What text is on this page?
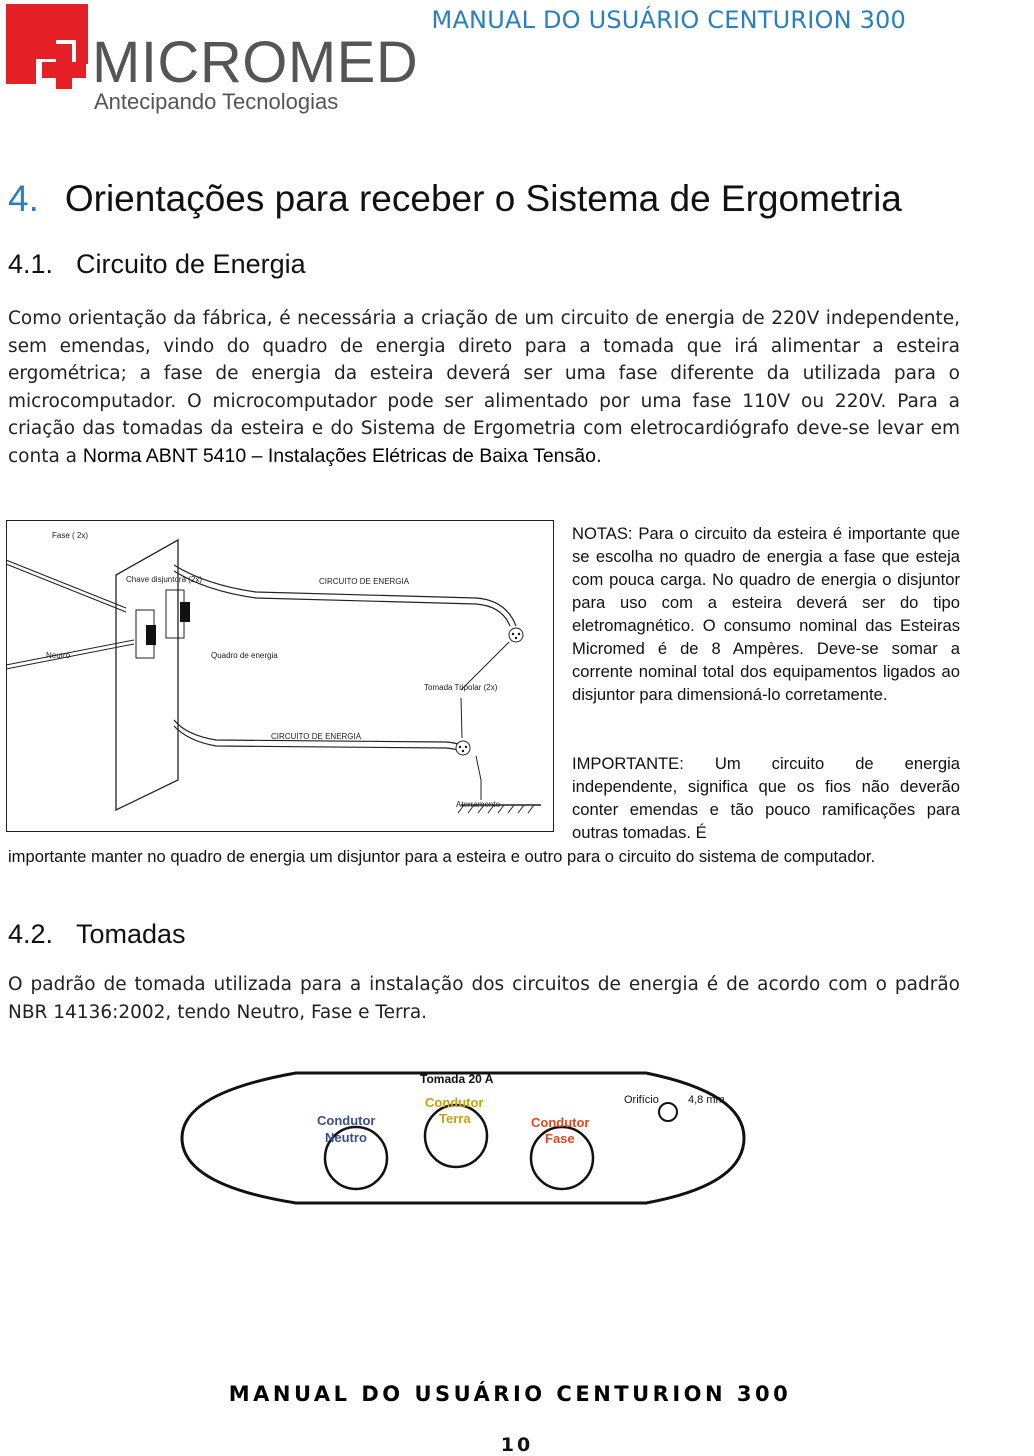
MICROMED
Antecipando Tecnologias
MANUAL DO USUÁRIO CENTURION 300
4. Orientações para receber o Sistema de Ergometria
4.1. Circuito de Energia
Como orientação da fábrica, é necessária a criação de um circuito de energia de 220V independente, sem emendas, vindo do quadro de energia direto para a tomada que irá alimentar a esteira ergométrica; a fase de energia da esteira deverá ser uma fase diferente da utilizada para o microcomputador. O microcomputador pode ser alimentado por uma fase 110V ou 220V. Para a criação das tomadas da esteira e do Sistema de Ergometria com eletrocardiógrafo deve-se levar em conta a Norma ABNT 5410 – Instalações Elétricas de Baixa Tensão.
Fase ( 2x)
Chave disjuntora (2x)	CIRCUITO DE ENERGIA
Neutro	Quadro de energia
Tomada Tripolar (2x)
CIRCUITO DE ENERGIA
Aterramento
NOTAS: Para o circuito da esteira é importante que se escolha no quadro de energia a fase que esteja com pouca carga. No quadro de energia o disjuntor para uso com a esteira deverá ser do tipo eletromagnético. O consumo nominal das Esteiras Micromed é de 8 Ampères. Deve-se somar a corrente nominal total dos equipamentos ligados ao disjuntor para dimensioná-lo corretamente.
IMPORTANTE: Um circuito de energia independente, significa que os fios não deverão conter emendas e tão pouco ramificações para outras tomadas. É
importante manter no quadro de energia um disjuntor para a esteira e outro para o circuito do sistema de computador.
4.2. Tomadas
O padrão de tomada utilizada para a instalação dos circuitos de energia é de acordo com o padrão NBR 14136:2002, tendo Neutro, Fase e Terra.
Tomada 20 A
Condutor
Neutro
Condutor
Terra	Condutor
Fase
Orifício	4,8 mm
MANUAL DO USUÁRIO CENTURION 300
10
